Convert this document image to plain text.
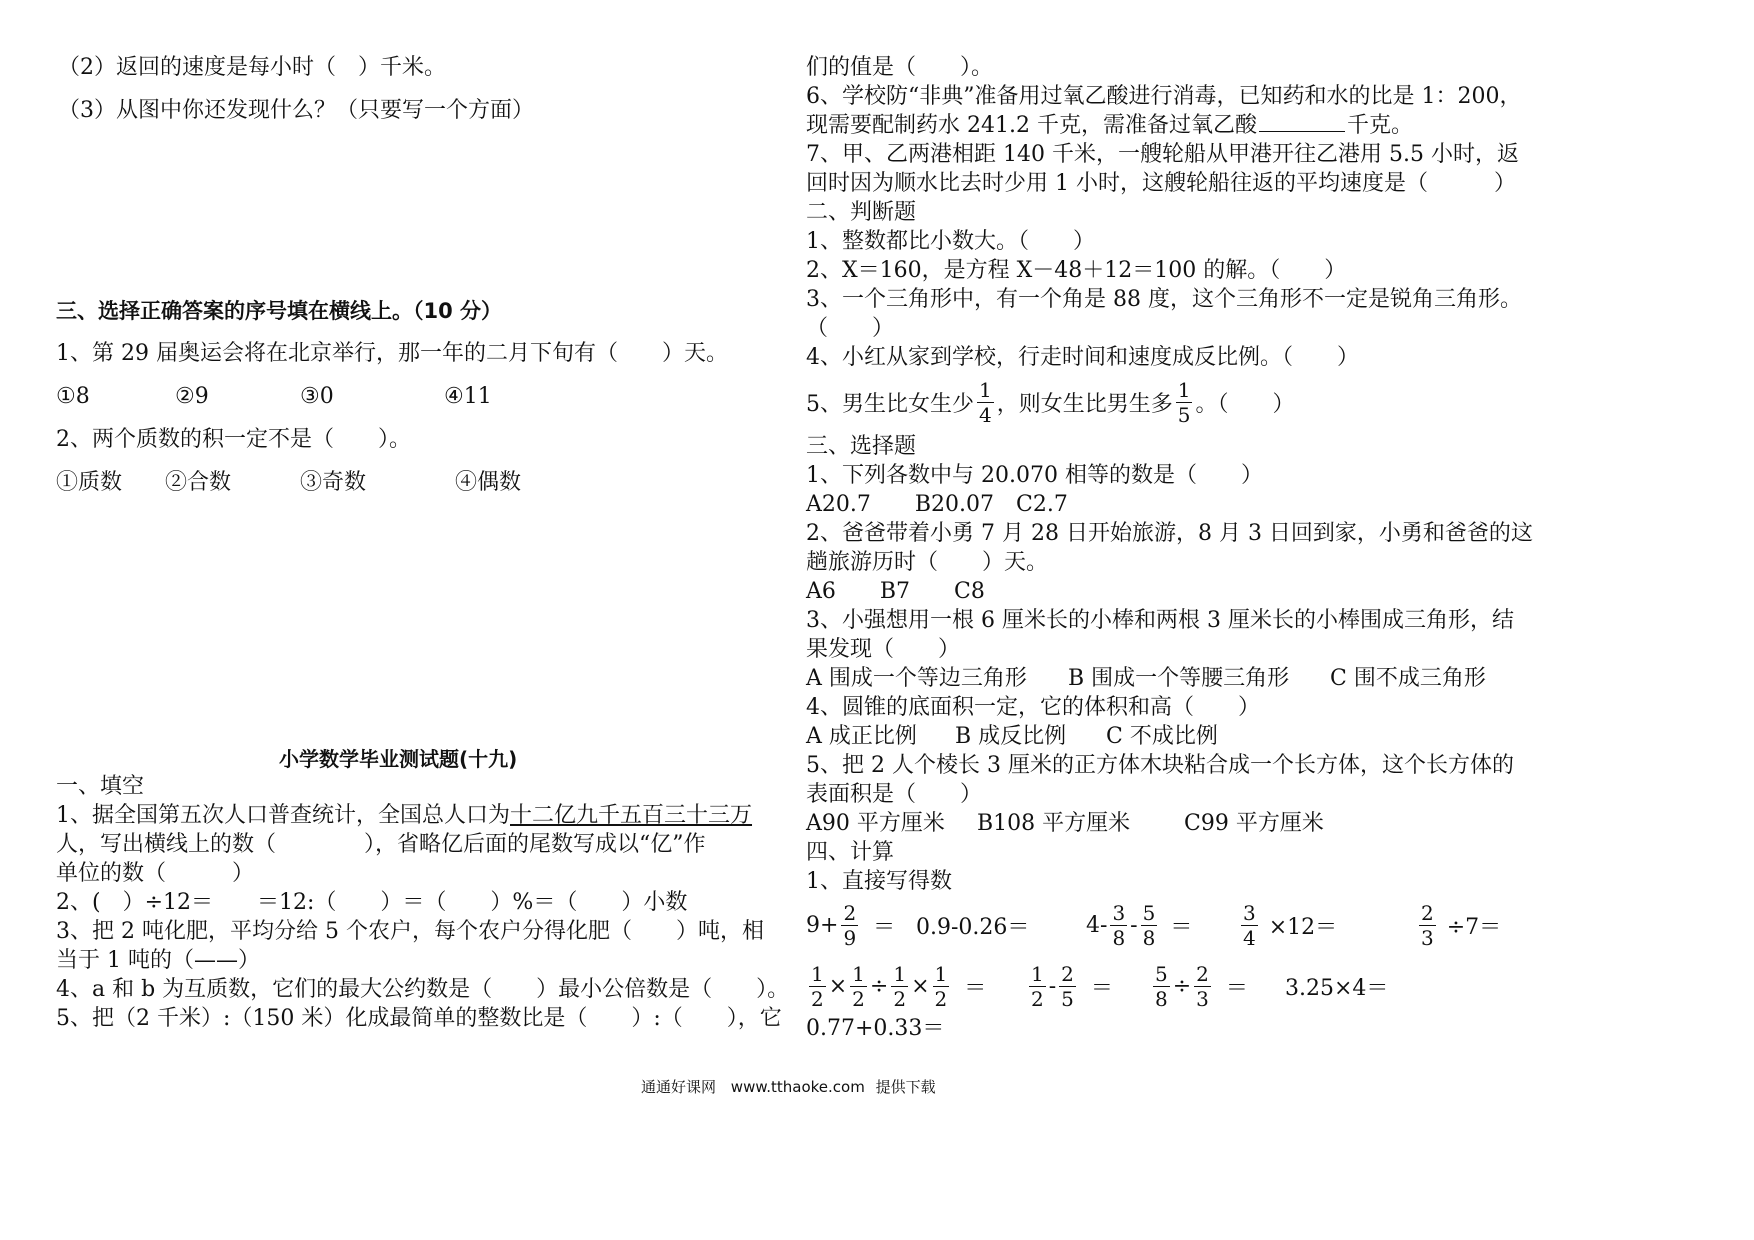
（2）返回的速度是每小时（　）千米。
（3）从图中你还发现什么？（只要写一个方面）
三、选择正确答案的序号填在横线上。（10 分）
1、第 29 届奥运会将在北京举行，那一年的二月下旬有（　　）天。
①8	②9	③0	④11
2、两个质数的积一定不是（　　）。
①质数 ②合数	③奇数	④偶数
小学数学毕业测试题(十九)
一、填空
1、据全国第五次人口普查统计，全国总人口为十二亿九千五百三十三万
人，写出横线上的数（　　　　），省略亿后面的尾数写成以“亿”作
单位的数（　　　）
2、(　）÷12＝　　＝12:（　　）＝（　　）%＝（　　）小数
3、把 2 吨化肥，平均分给 5 个农户，每个农户分得化肥（　　）吨，相
当于 1 吨的（——）
4、a 和 b 为互质数，它们的最大公约数是（　　）最小公倍数是（　　）。
5、把（2 千米）:（150 米）化成最简单的整数比是（　　）:（　　），它
们的值是（　　）。
6、学校防“非典”准备用过氧乙酸进行消毒，已知药和水的比是 1：200，
现需要配制药水 241.2 千克，需准备过氧乙酸	千克。
7、甲、乙两港相距 140 千米，一艘轮船从甲港开往乙港用 5.5 小时，返
回时因为顺水比去时少用 1 小时，这艘轮船往返的平均速度是（　　　）
二、判断题
1、整数都比小数大。（　　）
2、X＝160，是方程 X－48＋12＝100 的解。（　　）
3、一个三角形中，有一个角是 88 度，这个三角形不一定是锐角三角形。
（　　）
4、小红从家到学校，行走时间和速度成反比例。（　　）
5、男生比女生少 $\frac{1}{4}$ ，则女生比男生多 $\frac{1}{5}$ 。（　　）
三、选择题
1、下列各数中与 20.070 相等的数是（　　）
A20.7　　B20.07　C2.7
2、爸爸带着小勇 7 月 28 日开始旅游，8 月 3 日回到家，小勇和爸爸的这
趟旅游历时（　　）天。
A6　　B7　　C8
3、小强想用一根 6 厘米长的小棒和两根 3 厘米长的小棒围成三角形，结
果发现（　　）
A 围成一个等边三角形 B 围成一个等腰三角形 C 围不成三角形
4、圆锥的底面积一定，它的体积和高（　　）
A 成正比例 B 成反比例 C 不成比例
5、把 2 人个棱长 3 厘米的正方体木块粘合成一个长方体，这个长方体的
表面积是（　　）
A90 平方厘米 B108 平方厘米 C99 平方厘米
四、计算
1、直接写得数
$9+ \frac{2}{9} = 0.9-0.26=$	$4- \frac{3}{8} - \frac{5}{8} = \frac{3}{4} \times 12=$	$\frac{2}{3} \div 7=$
$\frac{1}{2} \times \frac{1}{2} \div \frac{1}{2} \times \frac{1}{2} = \frac{1}{2} - \frac{2}{5} = \frac{5}{8} \div \frac{2}{3} = 3.25\times 4=$
0.77+0.33＝
通通好课网 www.tthaoke.com 提供下载
